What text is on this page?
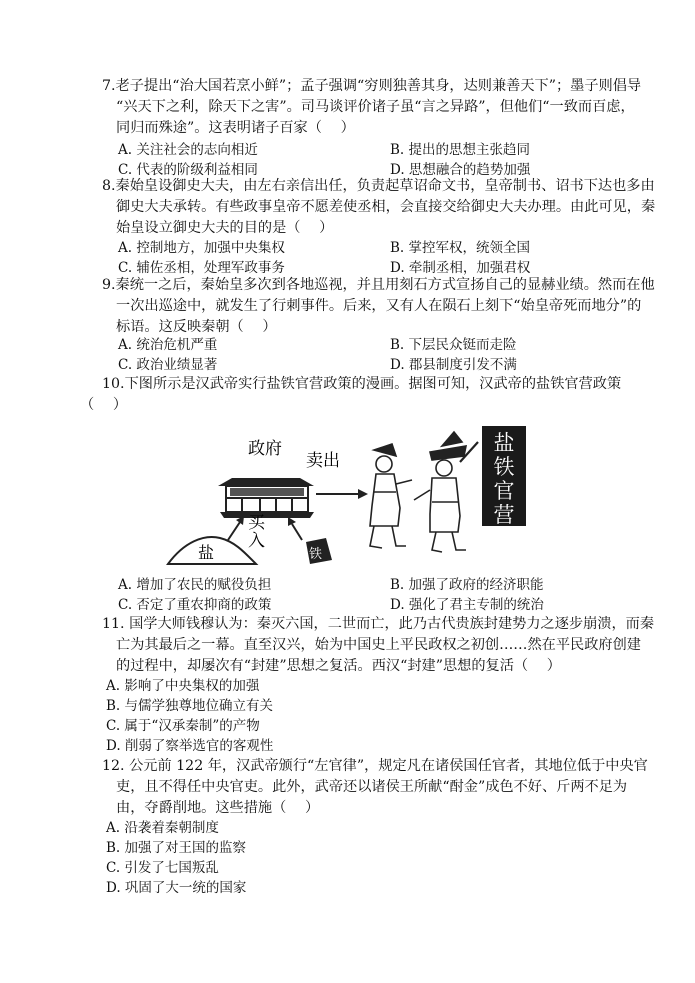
7.老子提出“治大国若烹小鲜”；孟子强调“穷则独善其身，达则兼善天下”；墨子则倡导
“兴天下之利，除天下之害”。司马谈评价诸子虽“言之异路”，但他们“一致而百虑，
同归而殊途”。这表明诸子百家（　 ）
A. 关注社会的志向相近	B. 提出的思想主张趋同
C. 代表的阶级利益相同	D. 思想融合的趋势加强
8.秦始皇设御史大夫，由左右亲信出任，负责起草诏命文书，皇帝制书、诏书下达也多由
御史大夫承转。有些政事皇帝不愿差使丞相，会直接交给御史大夫办理。由此可见，秦
始皇设立御史大夫的目的是（　 ）
A. 控制地方，加强中央集权	B. 掌控军权，统领全国
C. 辅佐丞相，处理军政事务	D. 牵制丞相，加强君权
9.秦统一之后，秦始皇多次到各地巡视，并且用刻石方式宣扬自己的显赫业绩。然而在他
一次出巡途中，就发生了行刺事件。后来，又有人在陨石上刻下“始皇帝死而地分”的
标语。这反映秦朝（　 ）
A. 统治危机严重	B. 下层民众铤而走险
C. 政治业绩显著	D. 郡县制度引发不满
10.下图所示是汉武帝实行盐铁官营政策的漫画。据图可知，汉武帝的盐铁官营政策
（　 ）
政府
卖出
买
入
盐	铁
盐
铁
官
营
A. 增加了农民的赋役负担	B. 加强了政府的经济职能
C. 否定了重农抑商的政策	D. 强化了君主专制的统治
11. 国学大师钱穆认为：秦灭六国，二世而亡，此乃古代贵族封建势力之逐步崩溃，而秦
亡为其最后之一幕。直至汉兴，始为中国史上平民政权之初创……然在平民政府创建
的过程中，却屡次有“封建”思想之复活。西汉“封建”思想的复活（　 ）
A. 影响了中央集权的加强
B. 与儒学独尊地位确立有关
C. 属于“汉承秦制”的产物
D. 削弱了察举选官的客观性
12. 公元前 122 年，汉武帝颁行“左官律”，规定凡在诸侯国任官者，其地位低于中央官
吏，且不得任中央官吏。此外，武帝还以诸侯王所献“酎金”成色不好、斤两不足为
由，夺爵削地。这些措施（　 ）
A. 沿袭着秦朝制度
B. 加强了对王国的监察
C. 引发了七国叛乱
D. 巩固了大一统的国家
